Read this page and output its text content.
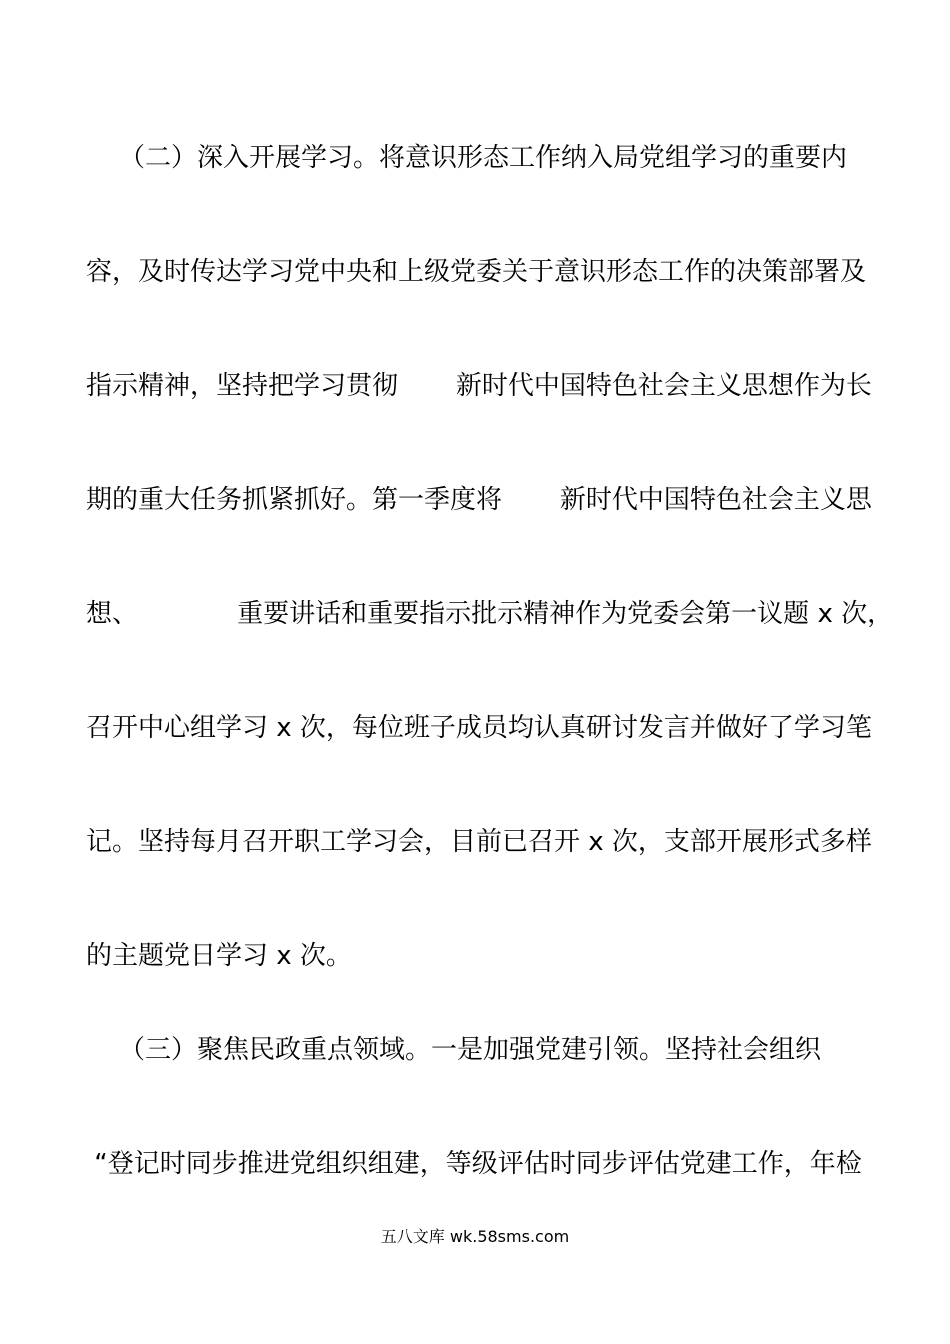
（二）深入开展学习。将意识形态工作纳入局党组学习的重要内
容，及时传达学习党中央和上级党委关于意识形态工作的决策部署及
指示精神，坚持把学习贯彻       新时代中国特色社会主义思想作为长
期的重大任务抓紧抓好。第一季度将       新时代中国特色社会主义思
想、            重要讲话和重要指示批示精神作为党委会第一议题 x 次，
召开中心组学习 x 次，每位班子成员均认真研讨发言并做好了学习笔
记。坚持每月召开职工学习会，目前已召开 x 次，支部开展形式多样
的主题党日学习 x 次。
（三）聚焦民政重点领域。一是加强党建引领。坚持社会组织
“登记时同步推进党组织组建，等级评估时同步评估党建工作，年检
五八文库 wk.58sms.com
